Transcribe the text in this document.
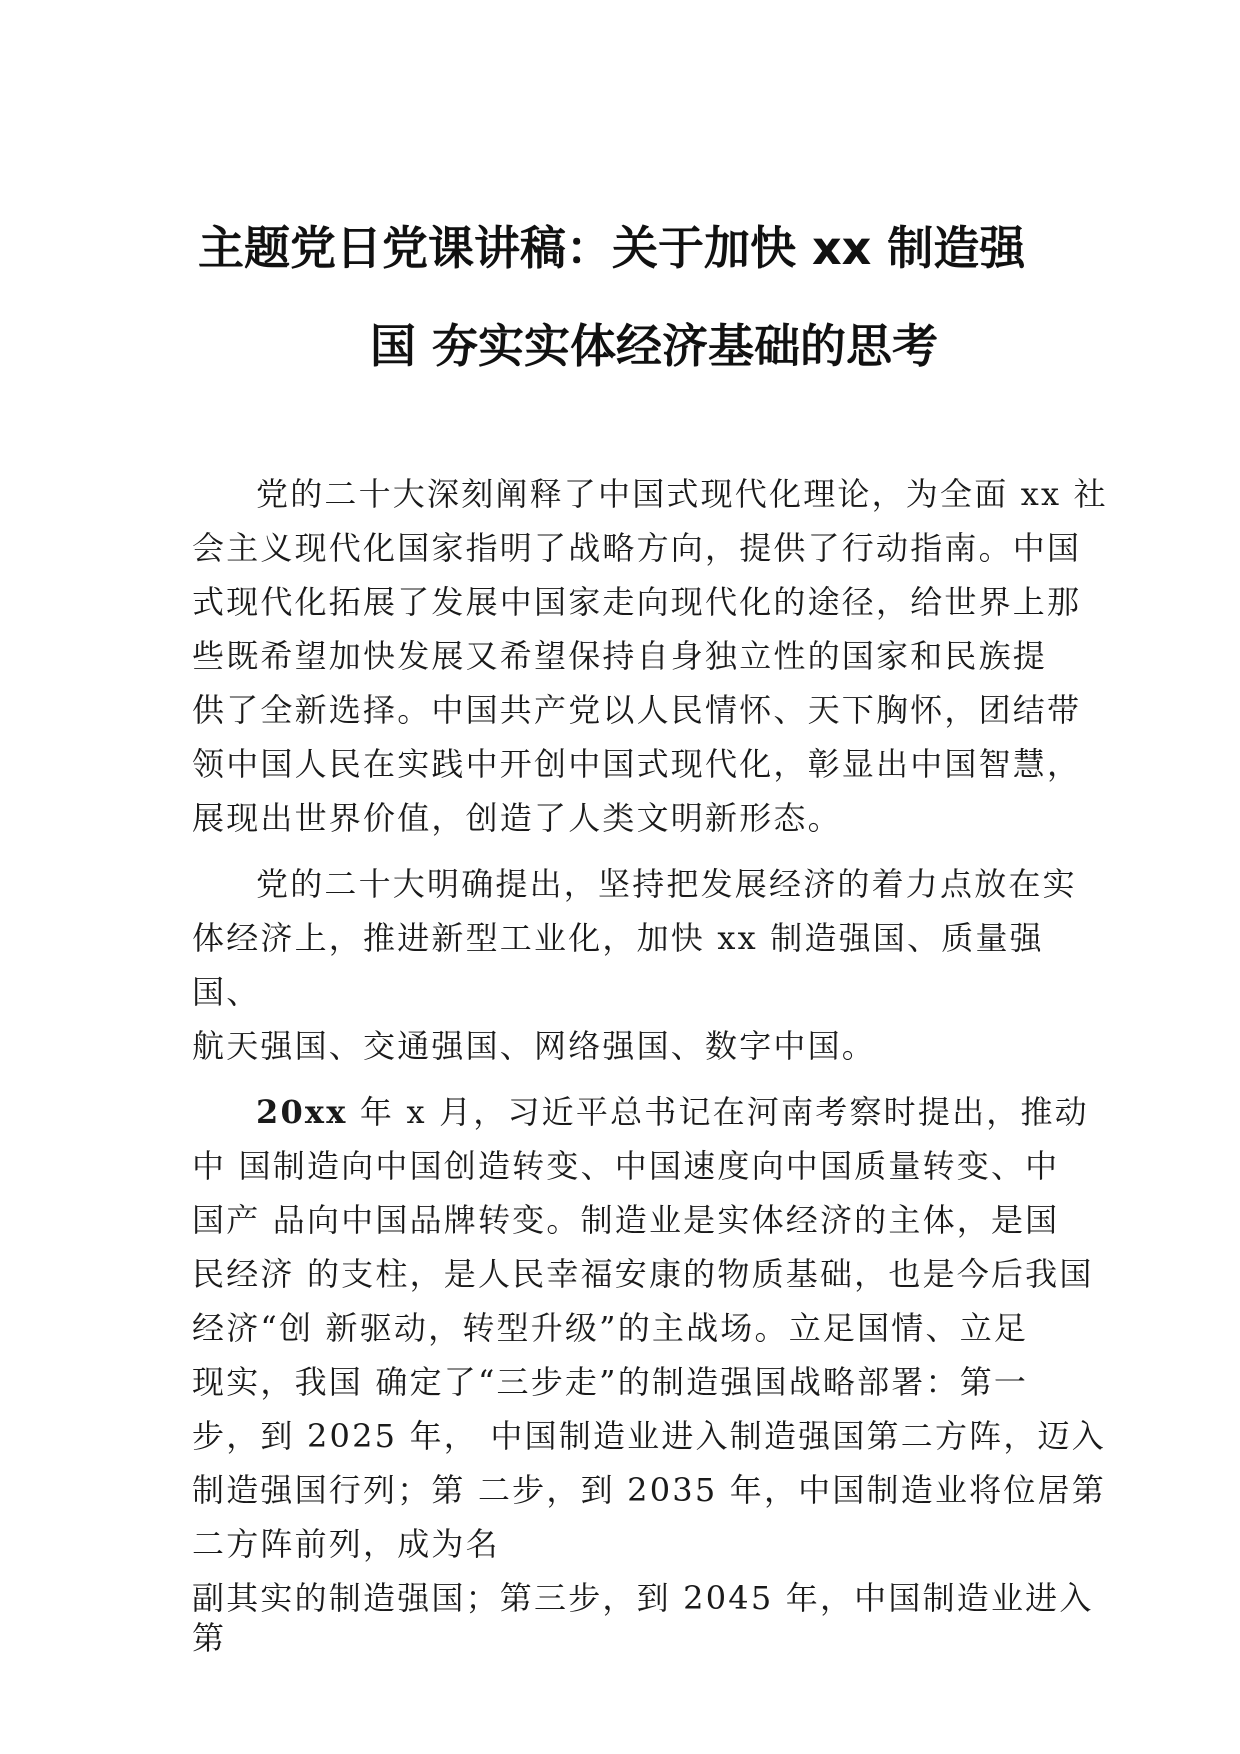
主题党日党课讲稿：关于加快 xx 制造强
国 夯实实体经济基础的思考
党的二十大深刻阐释了中国式现代化理论，为全面 xx 社
会主义现代化国家指明了战略方向，提供了行动指南。中国
式现代化拓展了发展中国家走向现代化的途径，给世界上那
些既希望加快发展又希望保持自身独立性的国家和民族提
供了全新选择。中国共产党以人民情怀、天下胸怀，团结带
领中国人民在实践中开创中国式现代化，彰显出中国智慧，
展现出世界价值，创造了人类文明新形态。
党的二十大明确提出，坚持把发展经济的着力点放在实
体经济上，推进新型工业化，加快 xx 制造强国、质量强
国、
航天强国、交通强国、网络强国、数字中国。
20xx 年 x 月，习近平总书记在河南考察时提出，推动
中 国制造向中国创造转变、中国速度向中国质量转变、中
国产 品向中国品牌转变。制造业是实体经济的主体，是国
民经济 的支柱，是人民幸福安康的物质基础，也是今后我国
经济“创 新驱动，转型升级”的主战场。立足国情、立足
现实，我国 确定了“三步走”的制造强国战略部署：第一
步，到 2025 年， 中国制造业进入制造强国第二方阵，迈入
制造强国行列；第 二步，到 2035 年，中国制造业将位居第
二方阵前列，成为名
副其实的制造强国；第三步，到 2045 年，中国制造业进入
第
